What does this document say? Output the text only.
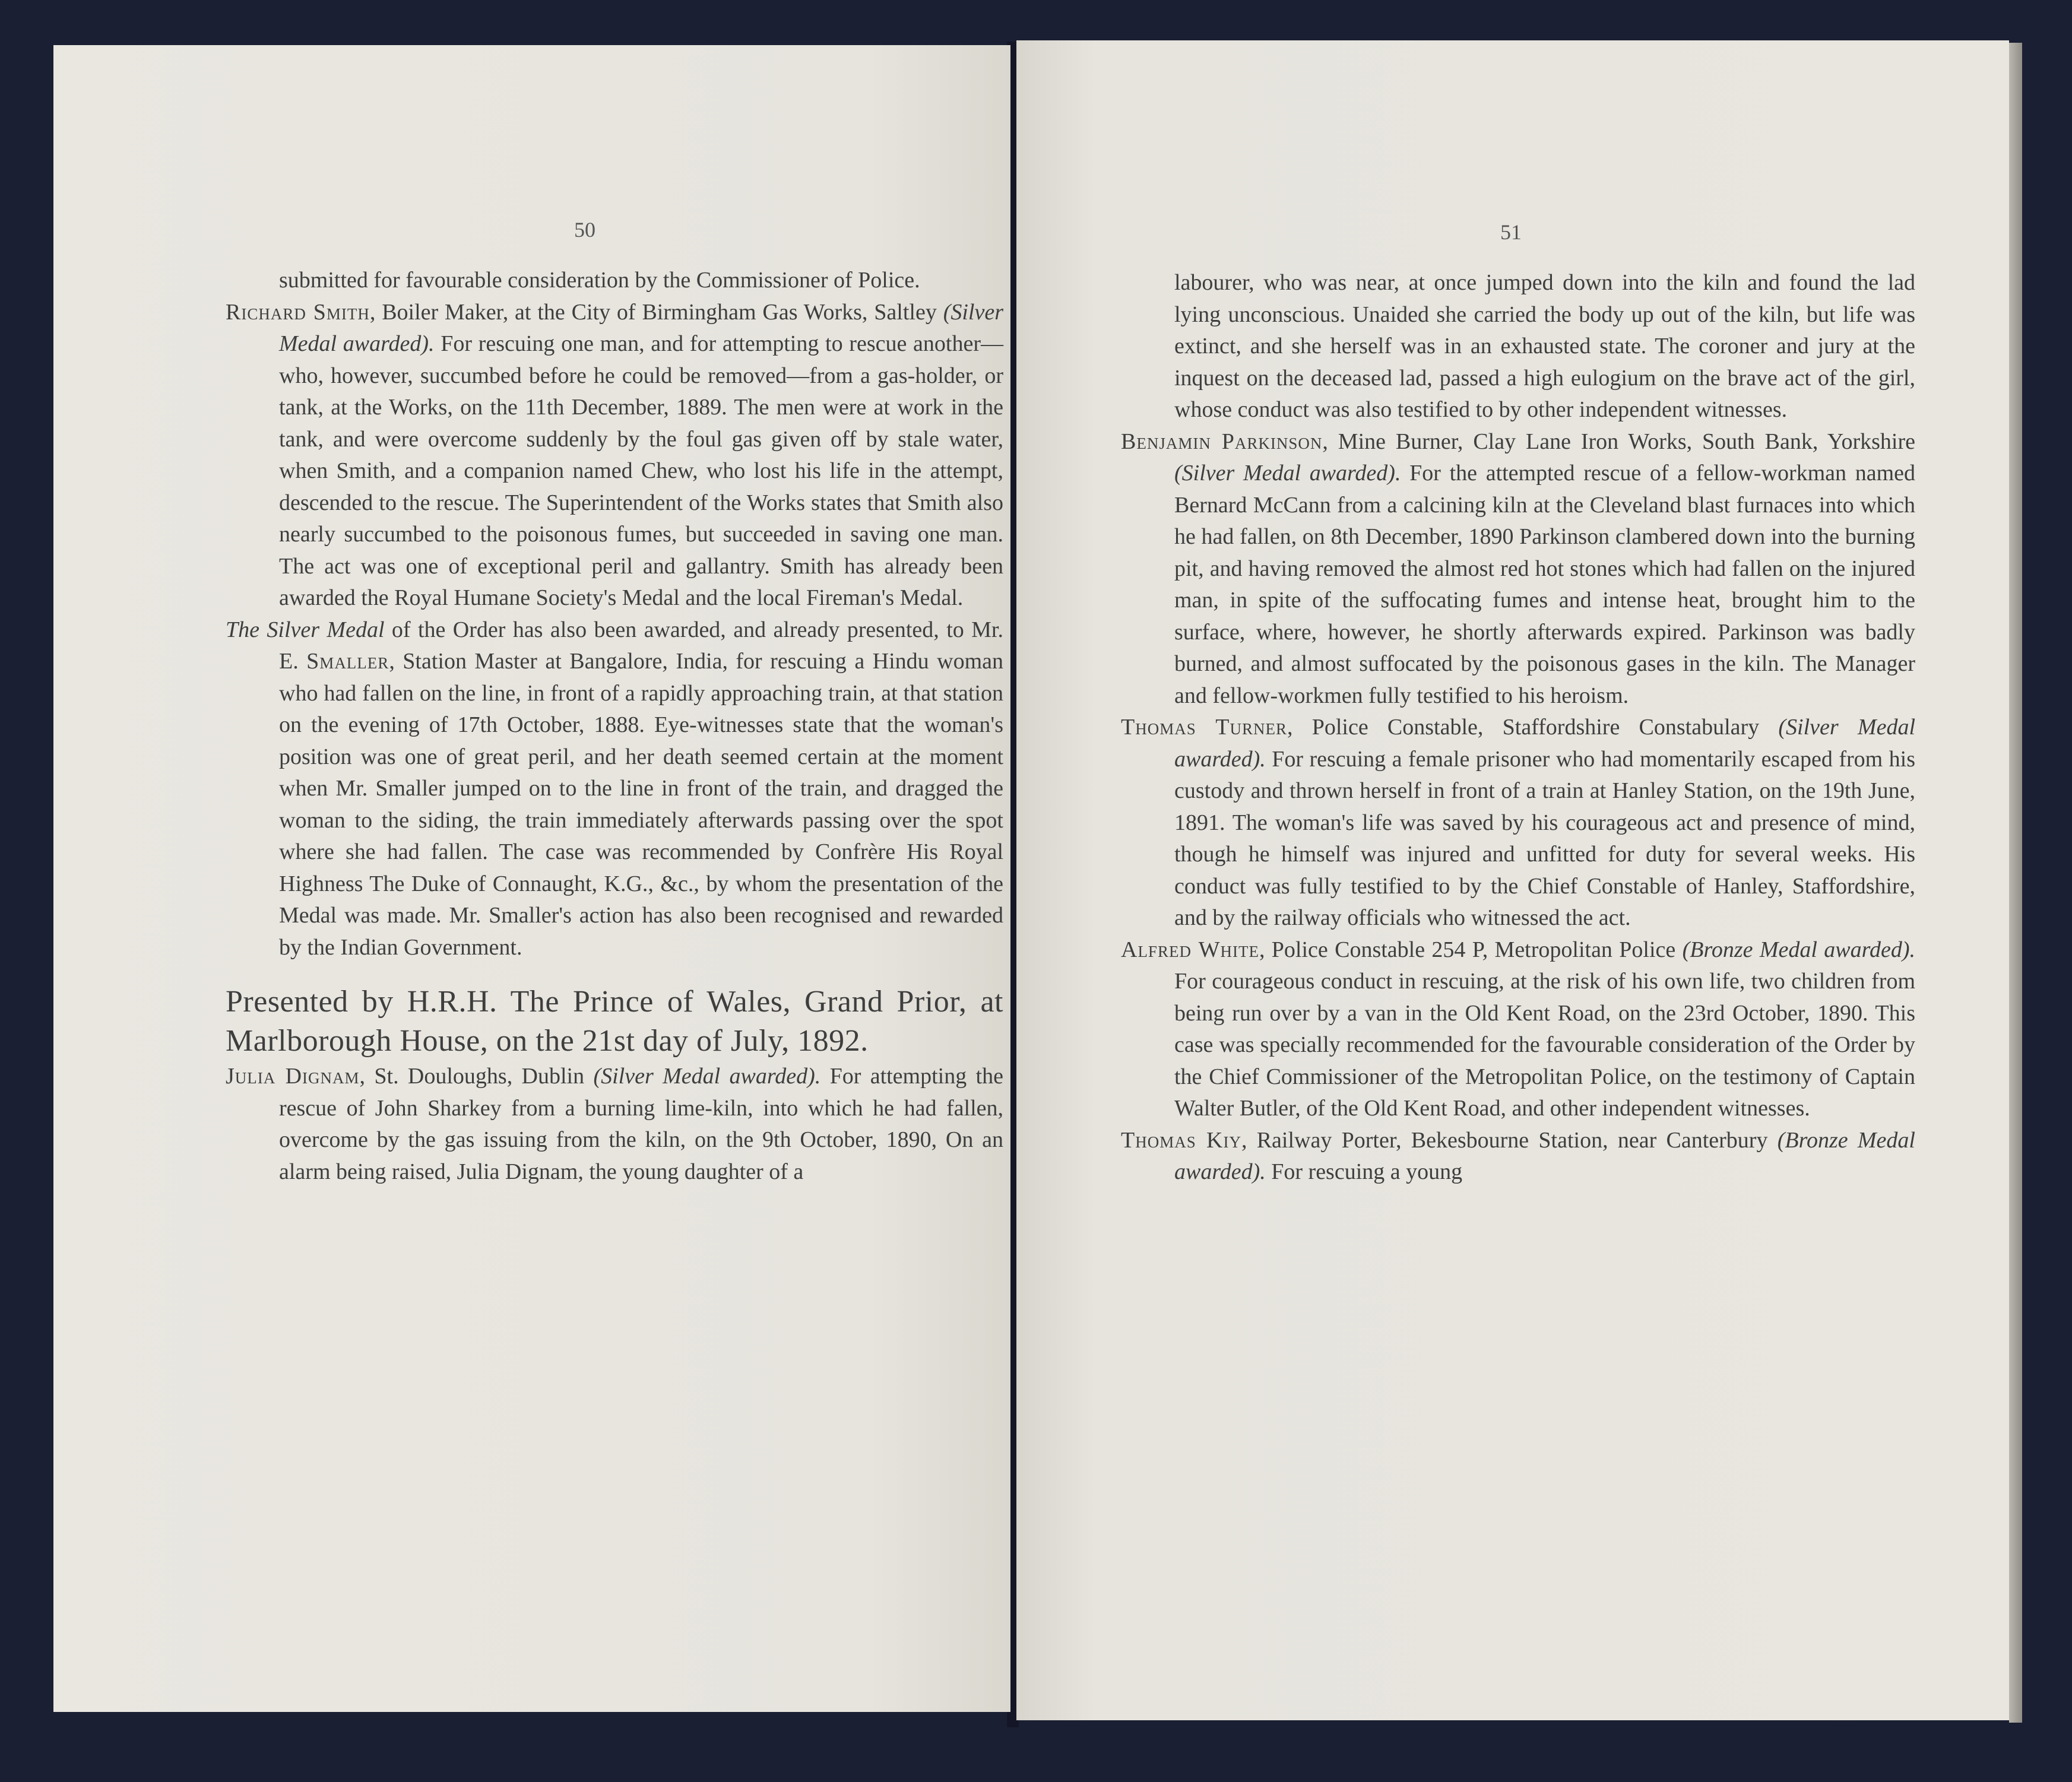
50

submitted for favourable consideration by the Commissioner of Police.

Richard Smith, Boiler Maker, at the City of Birmingham Gas Works, Saltley (Silver Medal awarded). For rescuing one man, and for attempting to rescue another—who, however, succumbed before he could be removed—from a gas-holder, or tank, at the Works, on the 11th December, 1889. The men were at work in the tank, and were overcome suddenly by the foul gas given off by stale water, when Smith, and a companion named Chew, who lost his life in the attempt, descended to the rescue. The Superintendent of the Works states that Smith also nearly succumbed to the poisonous fumes, but succeeded in saving one man. The act was one of exceptional peril and gallantry. Smith has already been awarded the Royal Humane Society's Medal and the local Fireman's Medal.

The Silver Medal of the Order has also been awarded, and already presented, to Mr. E. Smaller, Station Master at Bangalore, India, for rescuing a Hindu woman who had fallen on the line, in front of a rapidly approaching train, at that station on the evening of 17th October, 1888. Eye-witnesses state that the woman's position was one of great peril, and her death seemed certain at the moment when Mr. Smaller jumped on to the line in front of the train, and dragged the woman to the siding, the train immediately afterwards passing over the spot where she had fallen. The case was recommended by Confrère His Royal Highness The Duke of Connaught, K.G., &c., by whom the presentation of the Medal was made. Mr. Smaller's action has also been recognised and rewarded by the Indian Government.

Presented by H.R.H. The Prince of Wales, Grand Prior, at Marlborough House, on the 21st day of July, 1892.

Julia Dignam, St. Douloughs, Dublin (Silver Medal awarded). For attempting the rescue of John Sharkey from a burning lime-kiln, into which he had fallen, overcome by the gas issuing from the kiln, on the 9th October, 1890, On an alarm being raised, Julia Dignam, the young daughter of a

51

labourer, who was near, at once jumped down into the kiln and found the lad lying unconscious. Unaided she carried the body up out of the kiln, but life was extinct, and she herself was in an exhausted state. The coroner and jury at the inquest on the deceased lad, passed a high eulogium on the brave act of the girl, whose conduct was also testified to by other independent witnesses.

Benjamin Parkinson, Mine Burner, Clay Lane Iron Works, South Bank, Yorkshire (Silver Medal awarded). For the attempted rescue of a fellow-workman named Bernard McCann from a calcining kiln at the Cleveland blast furnaces into which he had fallen, on 8th December, 1890 Parkinson clambered down into the burning pit, and having removed the almost red hot stones which had fallen on the injured man, in spite of the suffocating fumes and intense heat, brought him to the surface, where, however, he shortly afterwards expired. Parkinson was badly burned, and almost suffocated by the poisonous gases in the kiln. The Manager and fellow-workmen fully testified to his heroism.

Thomas Turner, Police Constable, Staffordshire Constabulary (Silver Medal awarded). For rescuing a female prisoner who had momentarily escaped from his custody and thrown herself in front of a train at Hanley Station, on the 19th June, 1891. The woman's life was saved by his courageous act and presence of mind, though he himself was injured and unfitted for duty for several weeks. His conduct was fully testified to by the Chief Constable of Hanley, Staffordshire, and by the railway officials who witnessed the act.

Alfred White, Police Constable 254 P, Metropolitan Police (Bronze Medal awarded). For courageous conduct in rescuing, at the risk of his own life, two children from being run over by a van in the Old Kent Road, on the 23rd October, 1890. This case was specially recommended for the favourable consideration of the Order by the Chief Commissioner of the Metropolitan Police, on the testimony of Captain Walter Butler, of the Old Kent Road, and other independent witnesses.

Thomas Kiy, Railway Porter, Bekesbourne Station, near Canterbury (Bronze Medal awarded). For rescuing a young
